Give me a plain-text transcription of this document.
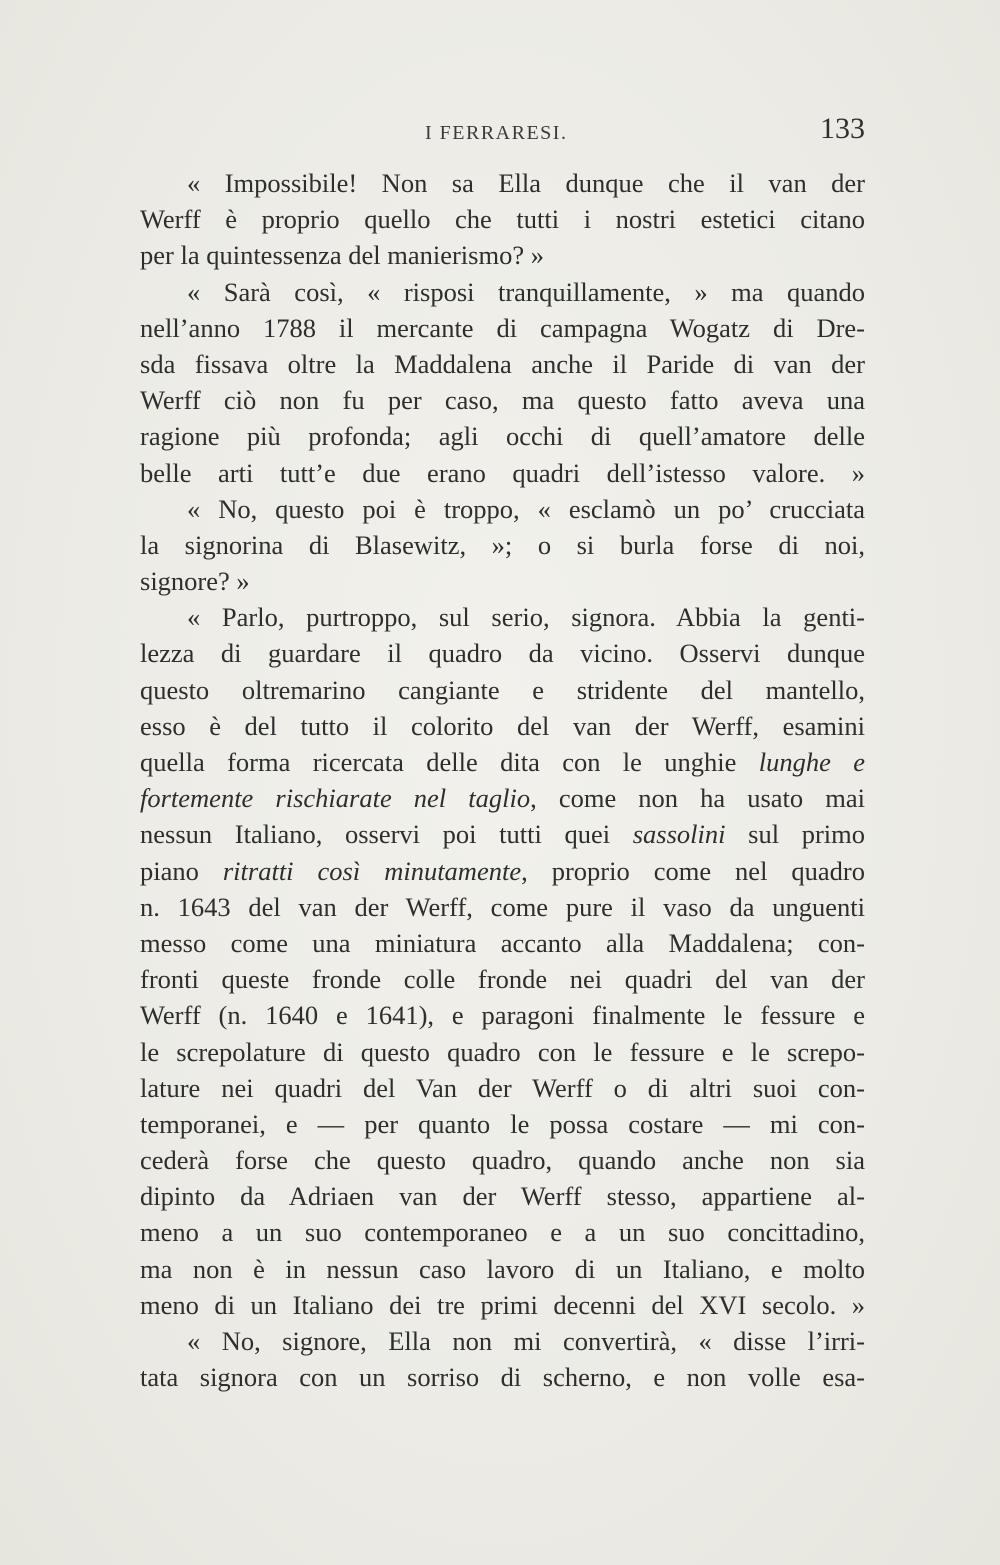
I FERRARESI.	133
« Impossibile! Non sa Ella dunque che il van der
Werff è proprio quello che tutti i nostri estetici citano
per la quintessenza del manierismo? »
« Sarà così, « risposi tranquillamente, » ma quando
nell’anno 1788 il mercante di campagna Wogatz di Dre-
sda fissava oltre la Maddalena anche il Paride di van der
Werff ciò non fu per caso, ma questo fatto aveva una
ragione più profonda; agli occhi di quell’amatore delle
belle arti tutt’e due erano quadri dell’istesso valore. »
« No, questo poi è troppo, « esclamò un po’ crucciata
la signorina di Blasewitz, »; o si burla forse di noi,
signore? »
« Parlo, purtroppo, sul serio, signora. Abbia la genti-
lezza di guardare il quadro da vicino. Osservi dunque
questo oltremarino cangiante e stridente del mantello,
esso è del tutto il colorito del van der Werff, esamini
quella forma ricercata delle dita con le unghie lunghe e
fortemente rischiarate nel taglio, come non ha usato mai
nessun Italiano, osservi poi tutti quei sassolini sul primo
piano ritratti così minutamente, proprio come nel quadro
n. 1643 del van der Werff, come pure il vaso da unguenti
messo come una miniatura accanto alla Maddalena; con-
fronti queste fronde colle fronde nei quadri del van der
Werff (n. 1640 e 1641), e paragoni finalmente le fessure e
le screpolature di questo quadro con le fessure e le screpo-
lature nei quadri del Van der Werff o di altri suoi con-
temporanei, e — per quanto le possa costare — mi con-
cederà forse che questo quadro, quando anche non sia
dipinto da Adriaen van der Werff stesso, appartiene al-
meno a un suo contemporaneo e a un suo concittadino,
ma non è in nessun caso lavoro di un Italiano, e molto
meno di un Italiano dei tre primi decenni del XVI secolo. »
« No, signore, Ella non mi convertirà, « disse l’irri-
tata signora con un sorriso di scherno, e non volle esa-
